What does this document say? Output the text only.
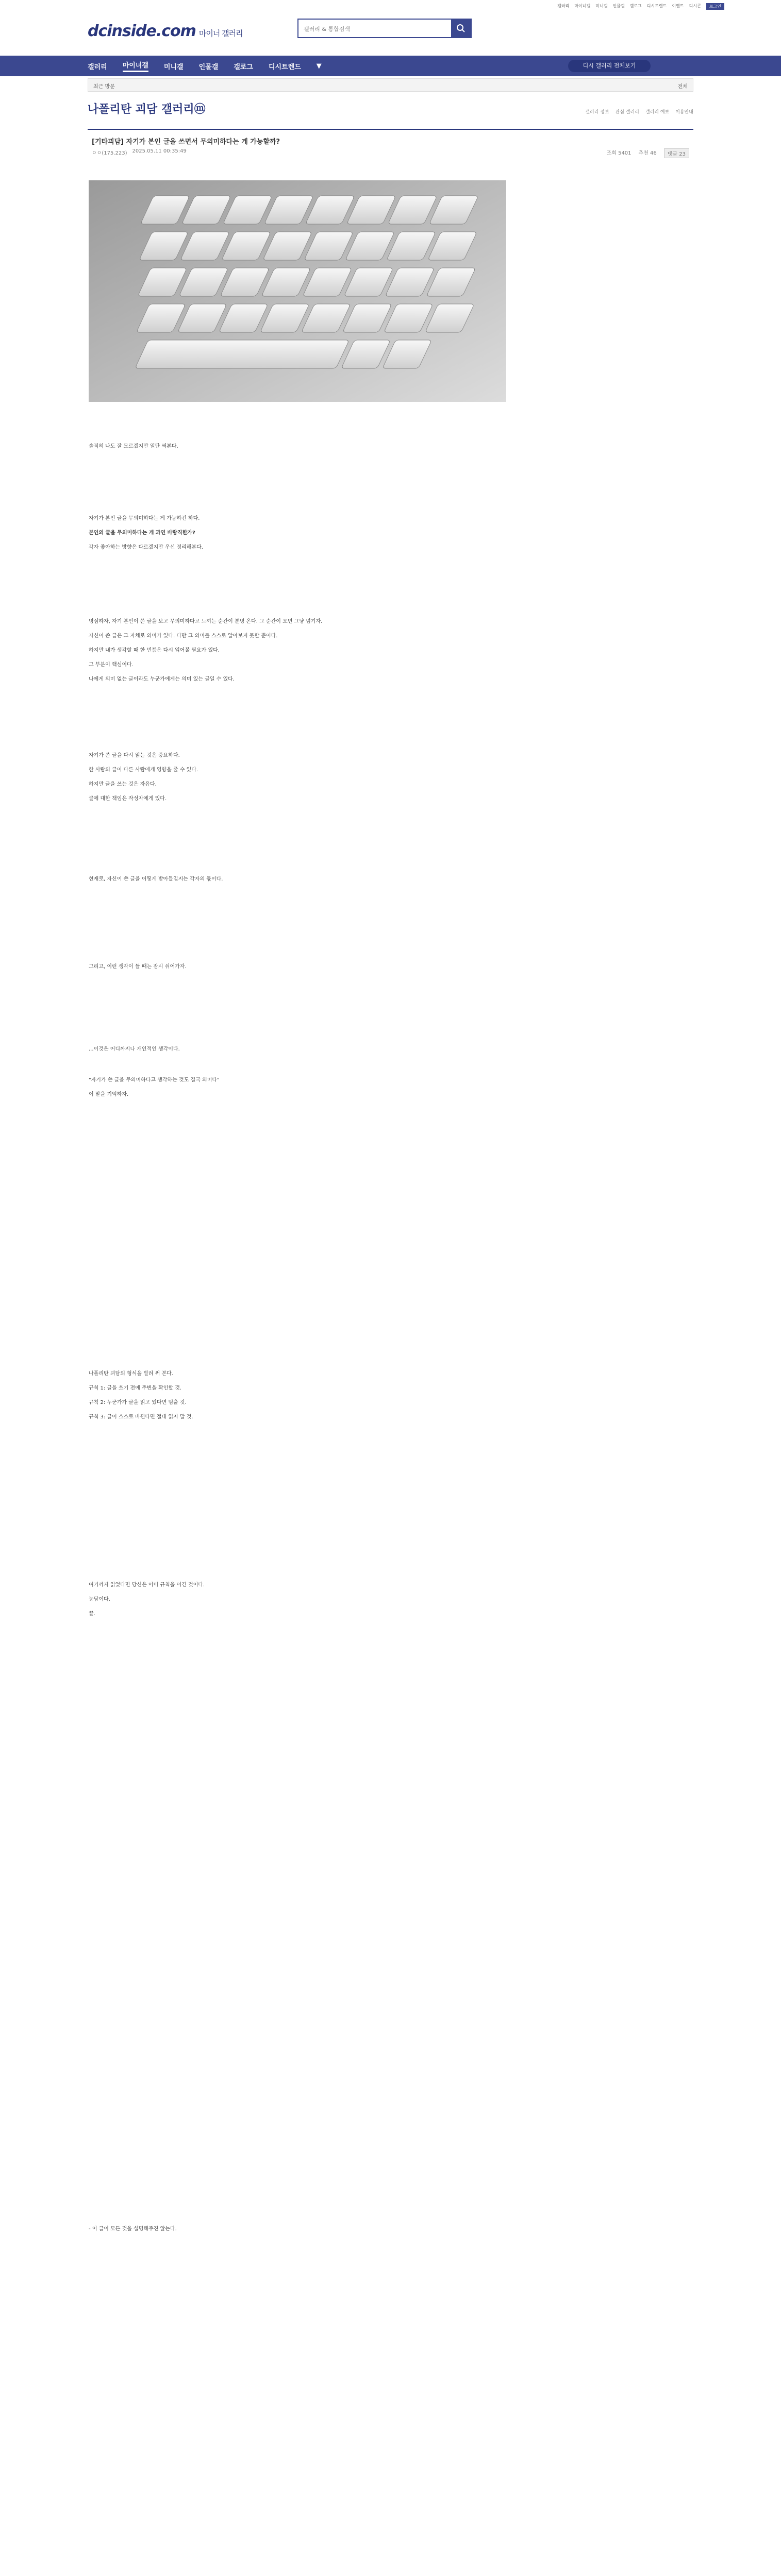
갤러리 마이너갤 미니갤 인물갤 갤로그 디시트렌드 이벤트 디시콘	로그인
dcinside.com 마이너 갤러리
갤러리 & 통합검색
갤러리 마이너갤 미니갤 인물갤 갤로그 디시트렌드 ▼	디시 갤러리 전체보기
최근 방문	전체
나폴리탄 괴담 갤러리ⓜ	갤러리 정보 관심 갤러리 갤러리 예보 이용안내
[기타괴담] 자기가 본인 글을 쓰면서 무의미하다는 게 가능할까?
ㅇㅇ(175.223) 2025.05.11 00:35:49	조회 5401 추천 46	댓글 23
솔직히 나도 잘 모르겠지만 일단 써본다.
자기가 본인 글을 무의미하다는 게 가능하긴 하다.
본인의 글을 무의미하다는 게 과연 바람직한가?
각자 좋아하는 방향은 다르겠지만 우선 정리해본다.
명심하자, 자기 본인이 쓴 글을 보고 무의미하다고 느끼는 순간이 분명 온다. 그 순간이 오면 그냥 넘기자.
자신이 쓴 글은 그 자체로 의미가 있다. 다만 그 의미를 스스로 알아보지 못할 뿐이다.
하지만 내가 생각할 때 한 번쯤은 다시 읽어볼 필요가 있다.
그 부분이 핵심이다.
나에게 의미 없는 글이라도 누군가에게는 의미 있는 글일 수 있다.
자기가 쓴 글을 다시 읽는 것은 중요하다.
한 사람의 글이 다른 사람에게 영향을 줄 수 있다.
하지만 글을 쓰는 것은 자유다.
글에 대한 책임은 작성자에게 있다.
현재로, 자신이 쓴 글을 어떻게 받아들일지는 각자의 몫이다.
그리고, 이런 생각이 들 때는 잠시 쉬어가자.
...이것은 어디까지나 개인적인 생각이다.
"자기가 쓴 글을 무의미하다고 생각하는 것도 결국 의미다"
이 말을 기억하자.
나폴리탄 괴담의 형식을 빌려 써 본다.
규칙 1: 글을 쓰기 전에 주변을 확인할 것.
규칙 2: 누군가가 글을 읽고 있다면 멈출 것.
규칙 3: 글이 스스로 바뀐다면 절대 읽지 말 것.
여기까지 읽었다면 당신은 이미 규칙을 어긴 것이다.
농담이다.
끝.
- 이 글이 모든 것을 설명해주진 않는다.
